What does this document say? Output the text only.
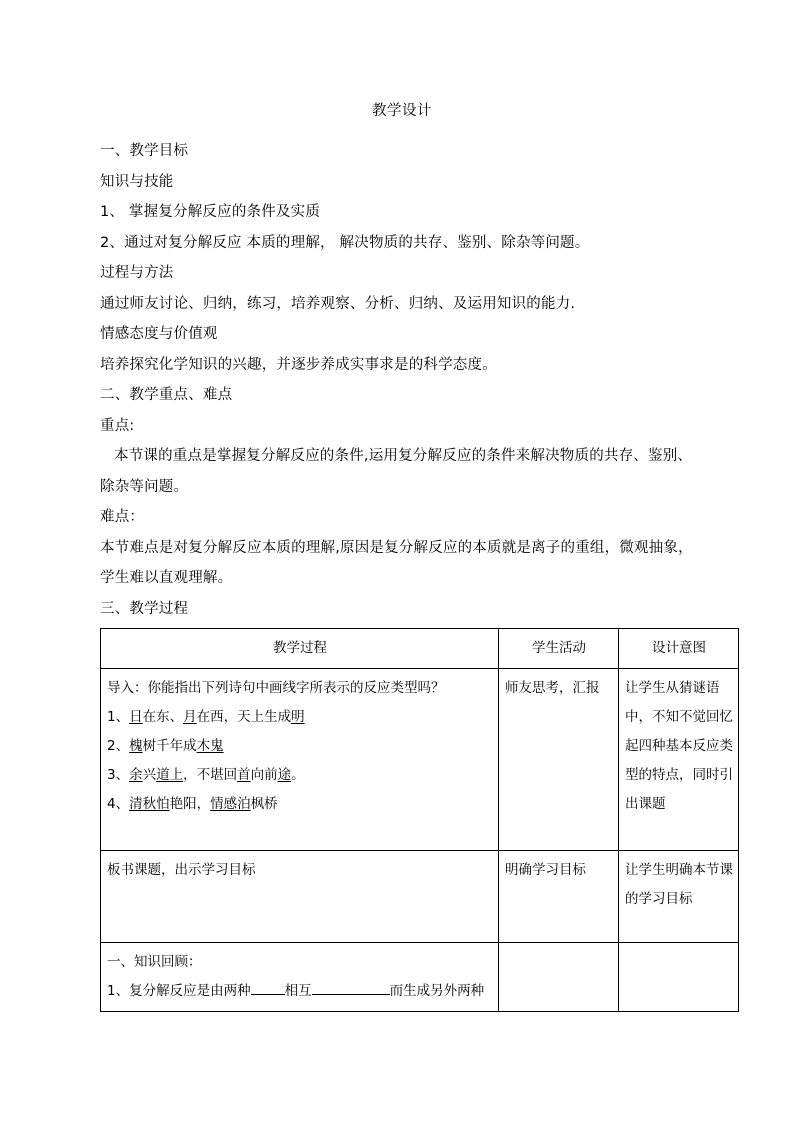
教学设计

一、教学目标

知识与技能

1、 掌握复分解反应的条件及实质

2、通过对复分解反应 本质的理解， 解决物质的共存、鉴别、除杂等问题。

过程与方法

通过师友讨论、归纳，练习，培养观察、分析、归纳、及运用知识的能力.

情感态度与价值观

培养探究化学知识的兴趣，并逐步养成实事求是的科学态度。

二、教学重点、难点

重点:

本节课的重点是掌握复分解反应的条件,运用复分解反应的条件来解决物质的共存、鉴别、除杂等问题。

难点：

本节难点是对复分解反应本质的理解,原因是复分解反应的本质就是离子的重组，微观抽象，学生难以直观理解。

三、教学过程

教学过程	学生活动	设计意图

导入：你能指出下列诗句中画线字所表示的反应类型吗？
1、日在东、月在西，天上生成明
2、槐树千年成木鬼
3、余兴道上，不堪回首向前途。
4、清秋怕艳阳，情感泊枫桥	师友思考，汇报	让学生从猜谜语中，不知不觉回忆起四种基本反应类型的特点，同时引出课题
板书课题，出示学习目标	明确学习目标	让学生明确本节课的学习目标

一、知识回顾：
1、复分解反应是由两种 相互 而生成另外两种		
